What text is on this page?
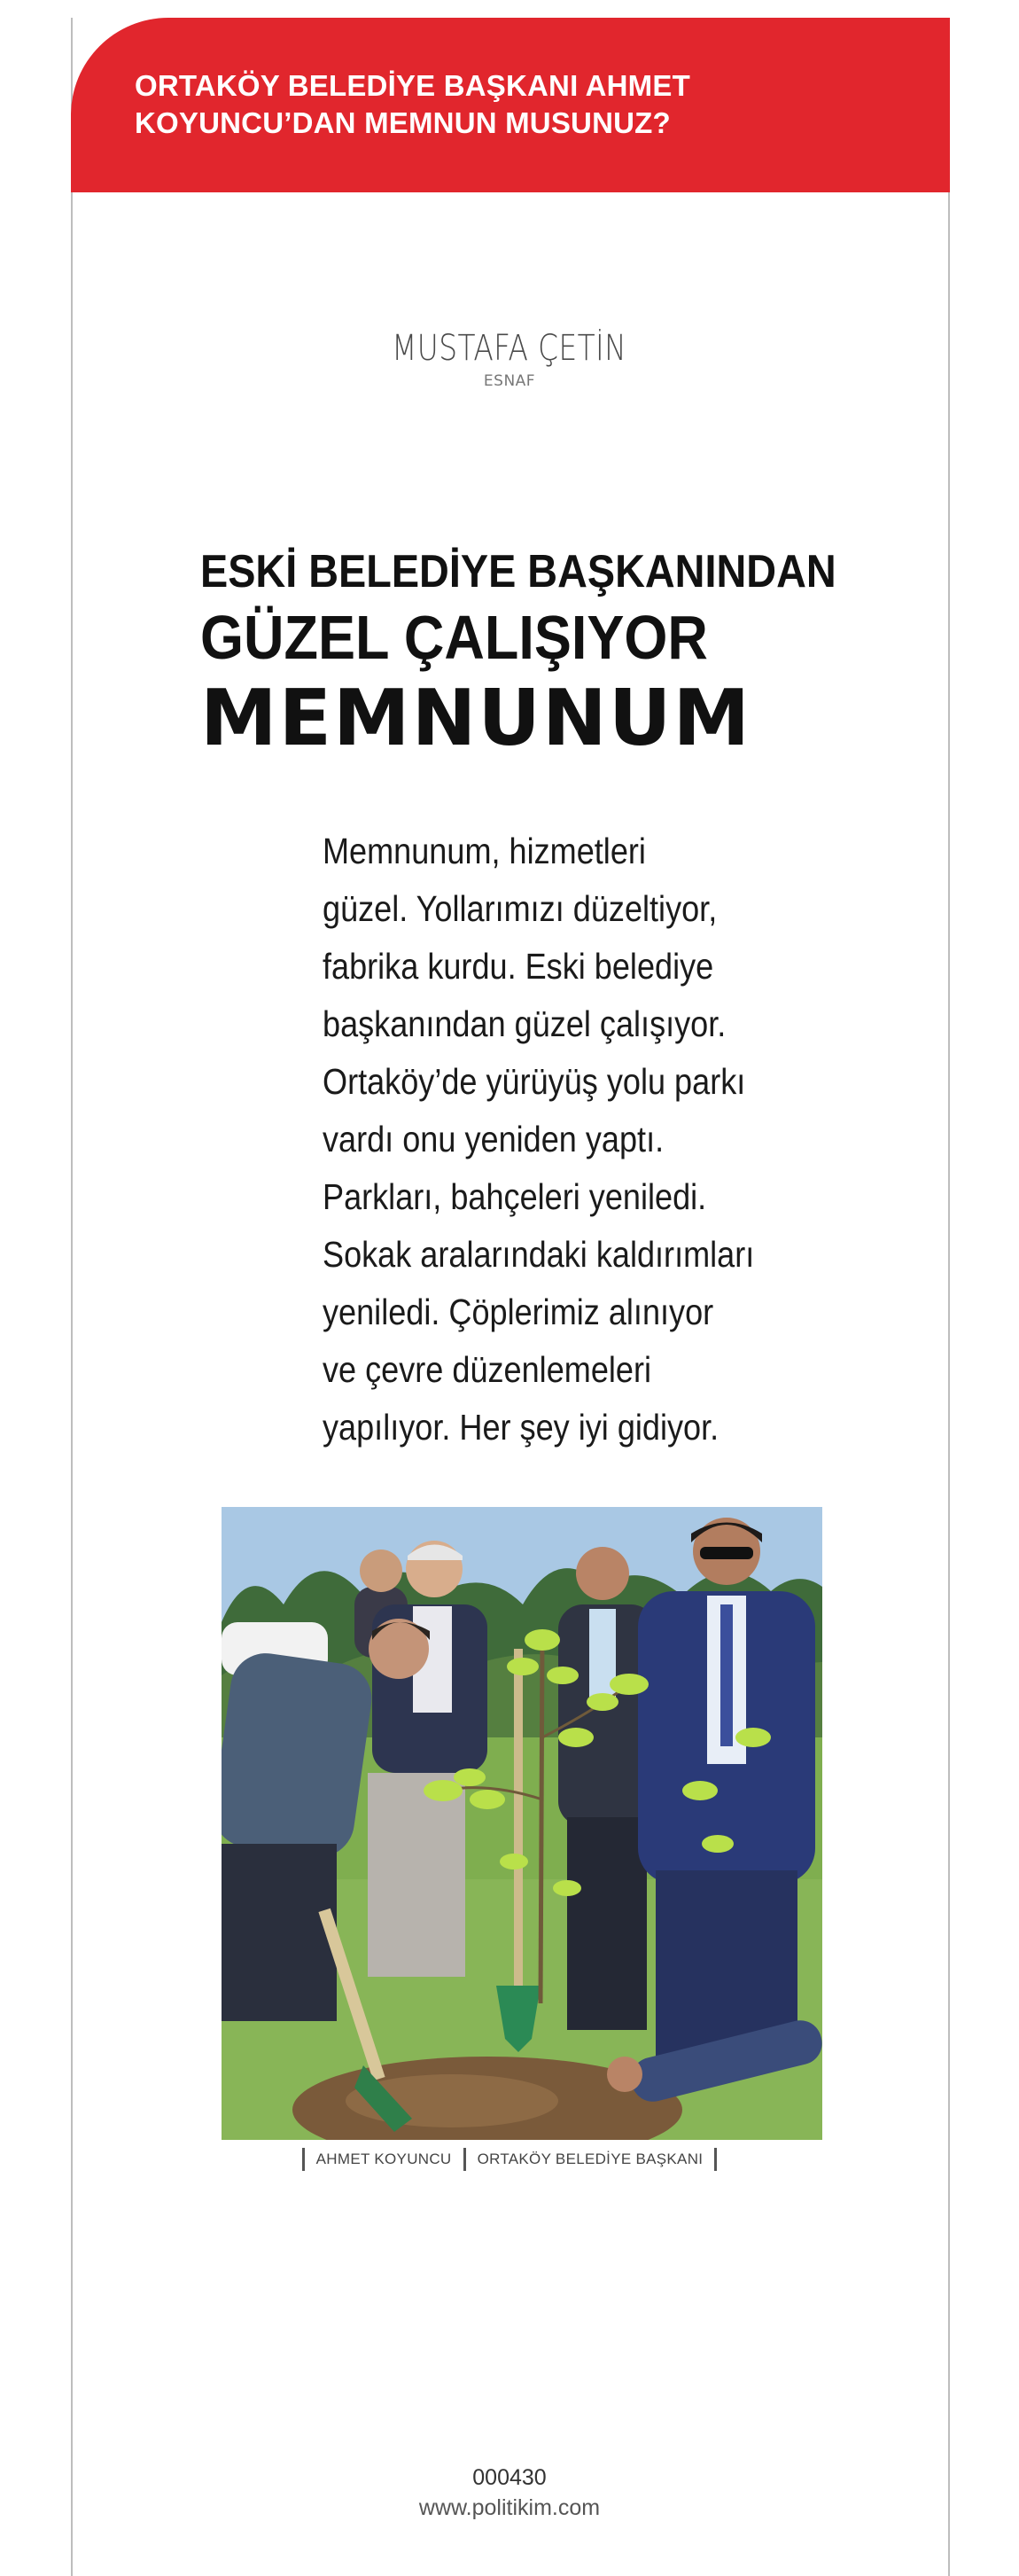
ORTAKÖY BELEDİYE BAŞKANI AHMET
KOYUNCU’DAN MEMNUN MUSUNUZ?

MUSTAFA ÇETİN
ESNAF
ESKİ BELEDİYE BAŞKANINDAN
GÜZEL ÇALIŞIYOR
MEMNUNUM
Memnunum, hizmetleri
güzel. Yollarımızı düzeltiyor,
fabrika kurdu. Eski belediye
başkanından güzel çalışıyor.
Ortaköy’de yürüyüş yolu parkı
vardı onu yeniden yaptı.
Parkları, bahçeleri yeniledi.
Sokak aralarındaki kaldırımları
yeniledi. Çöplerimiz alınıyor
ve çevre düzenlemeleri
yapılıyor. Her şey iyi gidiyor.
AHMET KOYUNCU ORTAKÖY BELEDİYE BAŞKANI
000430
www.politikim.com
